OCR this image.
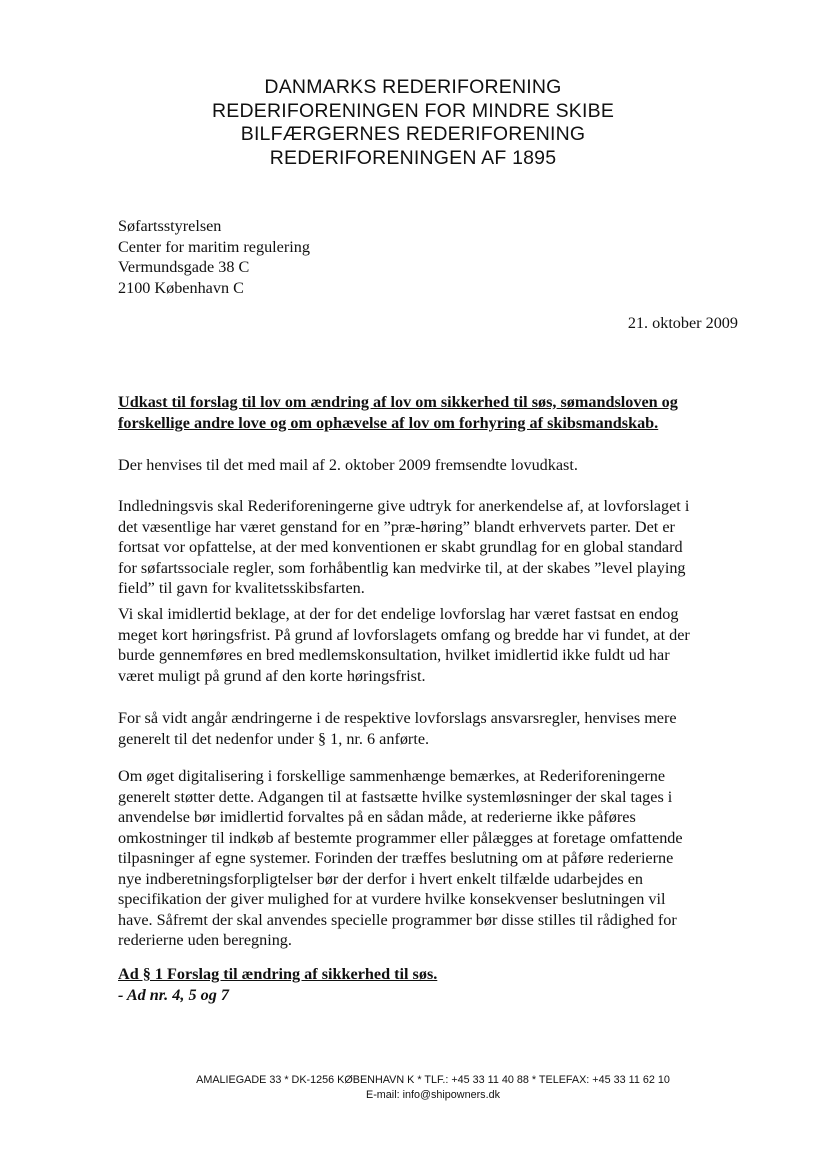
DANMARKS REDERIFORENING
REDERIFORENINGEN FOR MINDRE SKIBE
BILFÆRGERNES REDERIFORENING
REDERIFORENINGEN AF 1895
Søfartsstyrelsen
Center for maritim regulering
Vermundsgade 38 C
2100 København C
21. oktober 2009
Udkast til forslag til lov om ændring af lov om sikkerhed til søs, sømandsloven og
forskellige andre love og om ophævelse af lov om forhyring af skibsmandskab.
Der henvises til det med mail af 2. oktober 2009 fremsendte lovudkast.
Indledningsvis skal Rederiforeningerne give udtryk for anerkendelse af, at lovforslaget i
det væsentlige har været genstand for en ”præ-høring” blandt erhvervets parter. Det er
fortsat vor opfattelse, at der med konventionen er skabt grundlag for en global standard
for søfartssociale regler, som forhåbentlig kan medvirke til, at der skabes ”level playing
field” til gavn for kvalitetsskibsfarten.
Vi skal imidlertid beklage, at der for det endelige lovforslag har været fastsat en endog
meget kort høringsfrist. På grund af lovforslagets omfang og bredde har vi fundet, at der
burde gennemføres en bred medlemskonsultation, hvilket imidlertid ikke fuldt ud har
været muligt på grund af den korte høringsfrist.
For så vidt angår ændringerne i de respektive lovforslags ansvarsregler, henvises mere
generelt til det nedenfor under § 1, nr. 6 anførte.
Om øget digitalisering i forskellige sammenhænge bemærkes, at Rederiforeningerne
generelt støtter dette. Adgangen til at fastsætte hvilke systemløsninger der skal tages i
anvendelse bør imidlertid forvaltes på en sådan måde, at rederierne ikke påføres
omkostninger til indkøb af bestemte programmer eller pålægges at foretage omfattende
tilpasninger af egne systemer. Forinden der træffes beslutning om at påføre rederierne
nye indberetningsforpligtelser bør der derfor i hvert enkelt tilfælde udarbejdes en
specifikation der giver mulighed for at vurdere hvilke konsekvenser beslutningen vil
have. Såfremt der skal anvendes specielle programmer bør disse stilles til rådighed for
rederierne uden beregning.
Ad § 1 Forslag til ændring af sikkerhed til søs.
- Ad nr. 4, 5 og 7
AMALIEGADE 33 * DK-1256 KØBENHAVN K * TLF.: +45 33 11 40 88 * TELEFAX: +45 33 11 62 10
E-mail: info@shipowners.dk
